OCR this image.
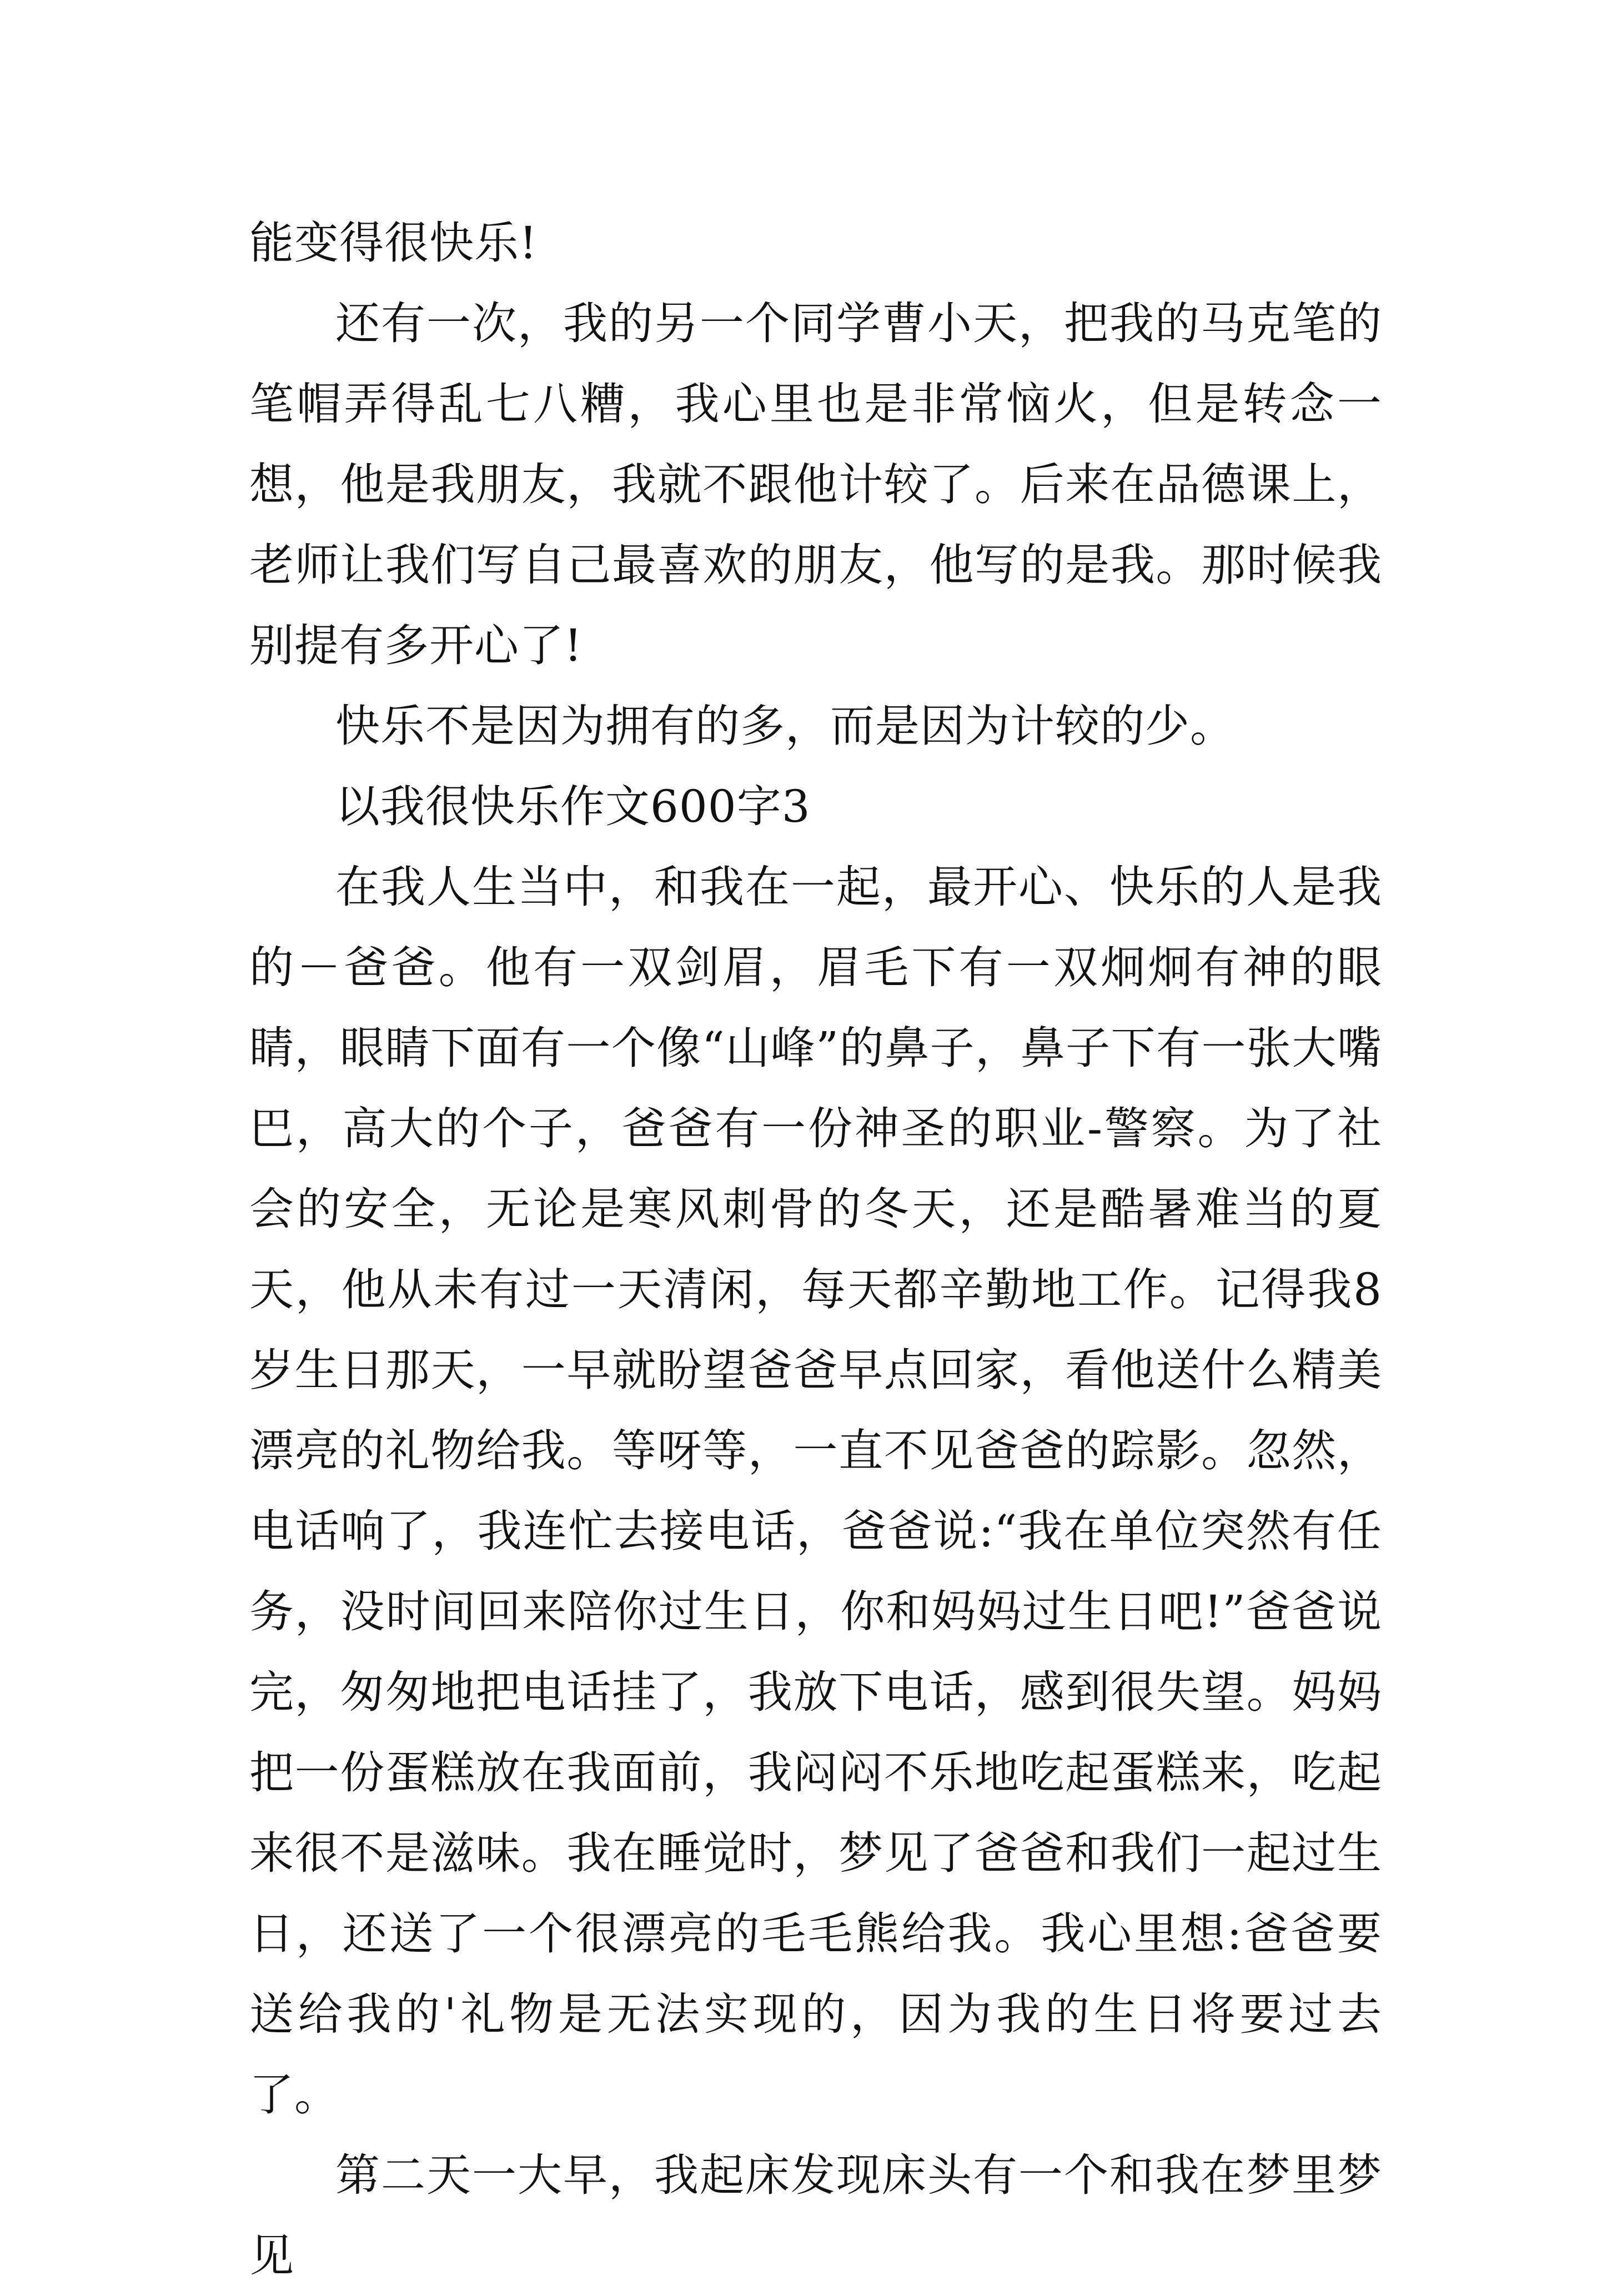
能变得很快乐!

还有一次，我的另一个同学曹小天，把我的马克笔的笔帽弄得乱七八糟，我心里也是非常恼火，但是转念一想，他是我朋友，我就不跟他计较了。后来在品德课上，老师让我们写自己最喜欢的朋友，他写的是我。那时候我别提有多开心了!

快乐不是因为拥有的多，而是因为计较的少。

以我很快乐作文600字3

在我人生当中，和我在一起，最开心、快乐的人是我的－爸爸。他有一双剑眉，眉毛下有一双炯炯有神的眼睛，眼睛下面有一个像“山峰”的鼻子，鼻子下有一张大嘴巴，高大的个子，爸爸有一份神圣的职业-警察。为了社会的安全，无论是寒风刺骨的冬天，还是酷暑难当的夏天，他从未有过一天清闲，每天都辛勤地工作。记得我8岁生日那天，一早就盼望爸爸早点回家，看他送什么精美漂亮的礼物给我。等呀等，一直不见爸爸的踪影。忽然，电话响了，我连忙去接电话，爸爸说:“我在单位突然有任务，没时间回来陪你过生日，你和妈妈过生日吧!”爸爸说完，匆匆地把电话挂了，我放下电话，感到很失望。妈妈把一份蛋糕放在我面前，我闷闷不乐地吃起蛋糕来，吃起来很不是滋味。我在睡觉时，梦见了爸爸和我们一起过生日，还送了一个很漂亮的毛毛熊给我。我心里想:爸爸要送给我的'礼物是无法实现的，因为我的生日将要过去了。

第二天一大早，我起床发现床头有一个和我在梦里梦见
